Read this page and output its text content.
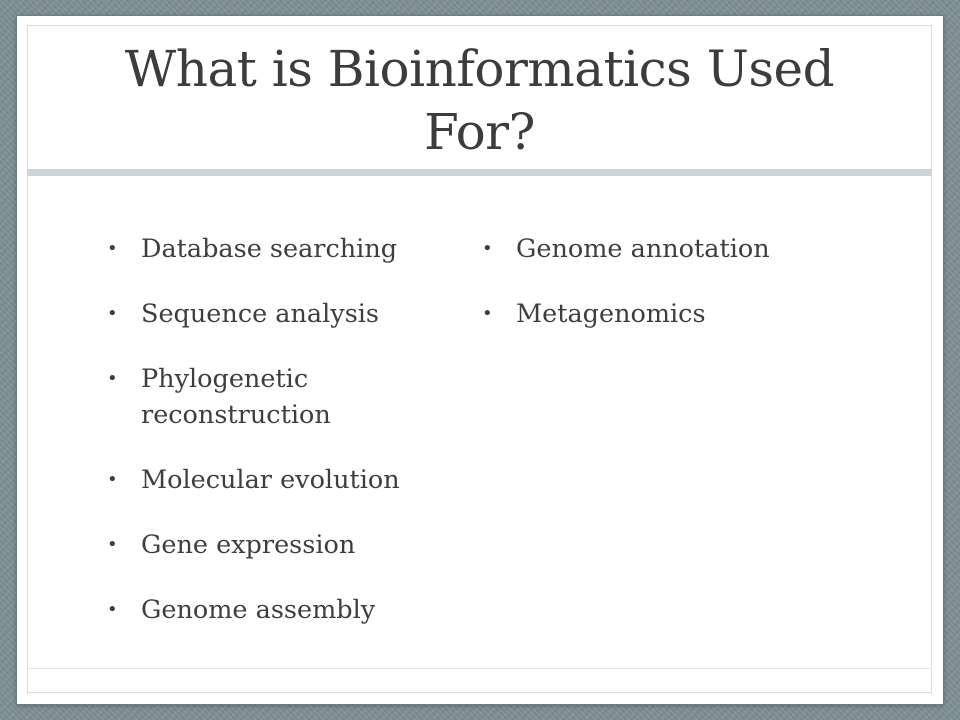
What is Bioinformatics Used For?
• Database searching
• Sequence analysis
• Phylogenetic reconstruction
• Molecular evolution
• Gene expression
• Genome assembly
• Genome annotation
• Metagenomics
